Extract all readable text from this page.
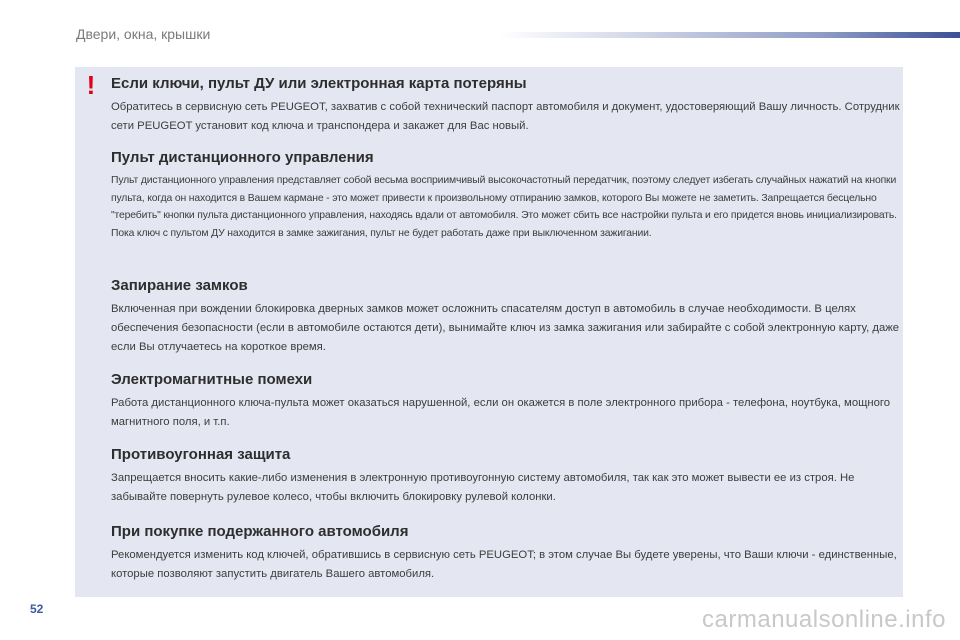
Двери, окна, крышки
! Если ключи, пульт ДУ или электронная карта потеряны

Обратитесь в сервисную сеть PEUGEOT, захватив с собой технический паспорт автомобиля и документ, удостоверяющий Вашу личность. Сотрудник сети PEUGEOT установит код ключа и транспондера и закажет для Вас новый.

Пульт дистанционного управления

Пульт дистанционного управления представляет собой весьма восприимчивый высокочастотный передатчик, поэтому следует избегать случайных нажатий на кнопки пульта, когда он находится в Вашем кармане - это может привести к произвольному отпиранию замков, которого Вы можете не заметить. Запрещается бесцельно "теребить" кнопки пульта дистанционного управления, находясь вдали от автомобиля. Это может сбить все настройки пульта и его придется вновь инициализировать.

Пока ключ с пультом ДУ находится в замке зажигания, пульт не будет работать даже при выключенном зажигании.

Запирание замков

Включенная при вождении блокировка дверных замков может осложнить спасателям доступ в автомобиль в случае необходимости. В целях обеспечения безопасности (если в автомобиле остаются дети), вынимайте ключ из замка зажигания или забирайте с собой электронную карту, даже если Вы отлучаетесь на короткое время.

Электромагнитные помехи

Работа дистанционного ключа-пульта может оказаться нарушенной, если он окажется в поле электронного прибора - телефона, ноутбука, мощного магнитного поля, и т.п.

Противоугонная защита

Запрещается вносить какие-либо изменения в электронную противоугонную систему автомобиля, так как это может вывести ее из строя. Не забывайте повернуть рулевое колесо, чтобы включить блокировку рулевой колонки.

При покупке подержанного автомобиля

Рекомендуется изменить код ключей, обратившись в сервисную сеть PEUGEOT; в этом случае Вы будете уверены, что Ваши ключи - единственные, которые позволяют запустить двигатель Вашего автомобиля.

52	carmanualsonline.info
